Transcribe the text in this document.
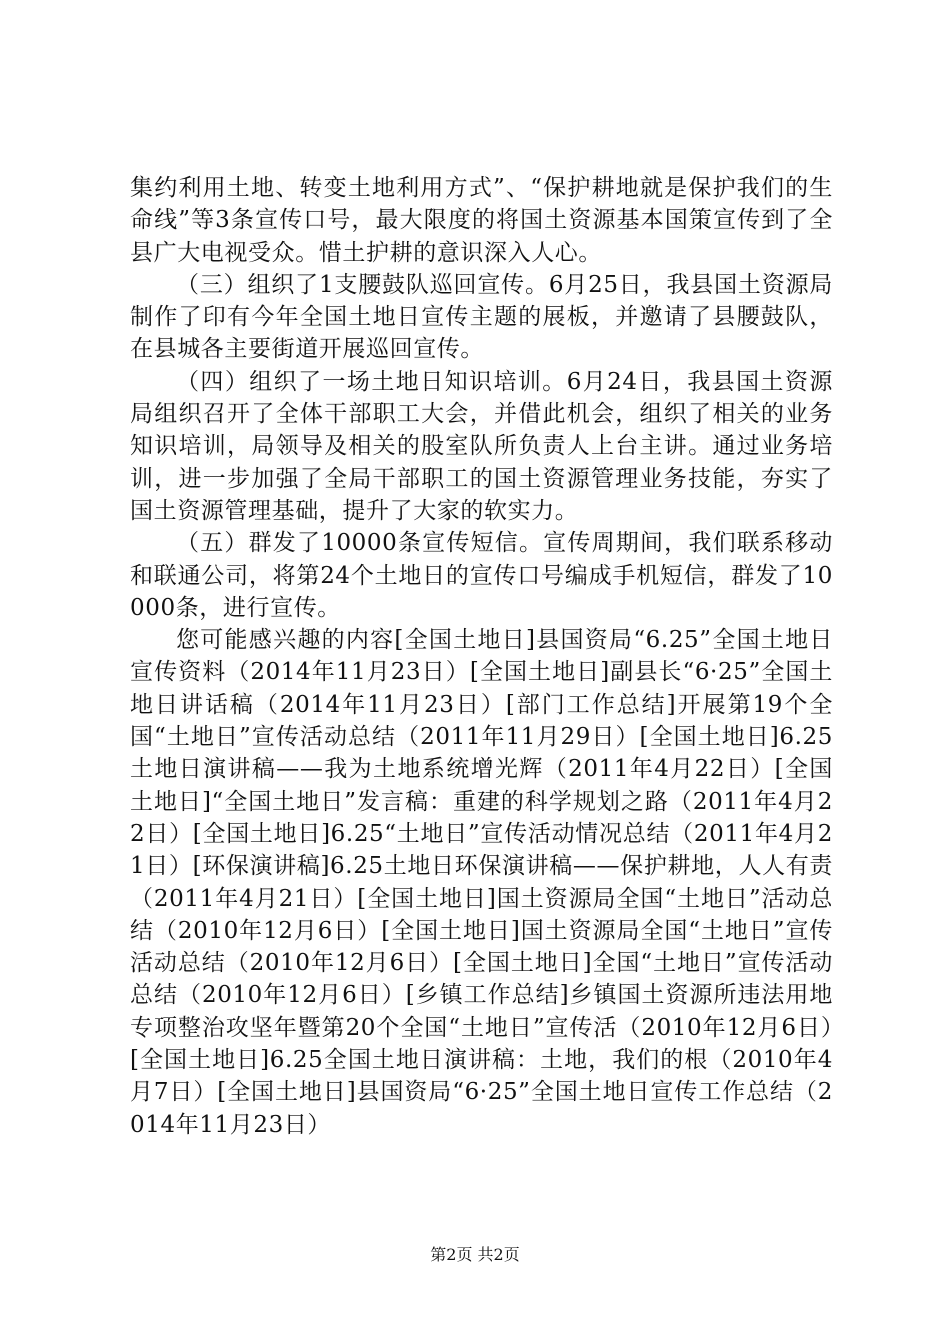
集约利用土地、转变土地利用方式”、“保护耕地就是保护我们的生命线”等3条宣传口号，最大限度的将国土资源基本国策宣传到了全县广大电视受众。惜土护耕的意识深入人心。

（三）组织了1支腰鼓队巡回宣传。6月25日，我县国土资源局制作了印有今年全国土地日宣传主题的展板，并邀请了县腰鼓队，在县城各主要街道开展巡回宣传。

（四）组织了一场土地日知识培训。6月24日，我县国土资源局组织召开了全体干部职工大会，并借此机会，组织了相关的业务知识培训，局领导及相关的股室队所负责人上台主讲。通过业务培训，进一步加强了全局干部职工的国土资源管理业务技能，夯实了国土资源管理基础，提升了大家的软实力。

（五）群发了10000条宣传短信。宣传周期间，我们联系移动和联通公司，将第24个土地日的宣传口号编成手机短信，群发了10000条，进行宣传。

您可能感兴趣的内容[全国土地日]县国资局“6.25”全国土地日宣传资料（2014年11月23日）[全国土地日]副县长“6·25”全国土地日讲话稿（2014年11月23日）[部门工作总结]开展第19个全国“土地日”宣传活动总结（2011年11月29日）[全国土地日]6.25土地日演讲稿——我为土地系统增光辉（2011年4月22日）[全国土地日]“全国土地日”发言稿：重建的科学规划之路（2011年4月22日）[全国土地日]6.25“土地日”宣传活动情况总结（2011年4月21日）[环保演讲稿]6.25土地日环保演讲稿——保护耕地，人人有责（2011年4月21日）[全国土地日]国土资源局全国“土地日”活动总结（2010年12月6日）[全国土地日]国土资源局全国“土地日”宣传活动总结（2010年12月6日）[全国土地日]全国“土地日”宣传活动总结（2010年12月6日）[乡镇工作总结]乡镇国土资源所违法用地专项整治攻坚年暨第20个全国“土地日”宣传活（2010年12月6日）[全国土地日]6.25全国土地日演讲稿：土地，我们的根（2010年4月7日）[全国土地日]县国资局“6·25”全国土地日宣传工作总结（2014年11月23日）

第2页 共2页
